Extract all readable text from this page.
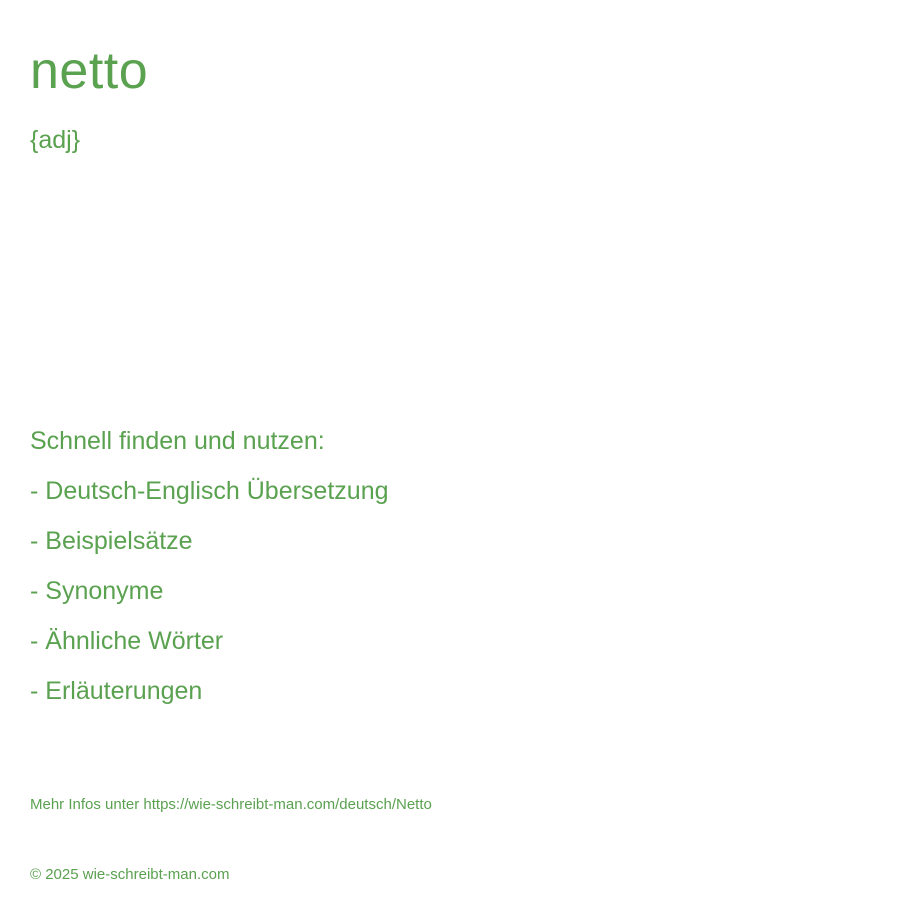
netto
{adj}
Schnell finden und nutzen:
- Deutsch-Englisch Übersetzung
- Beispielsätze
- Synonyme
- Ähnliche Wörter
- Erläuterungen
Mehr Infos unter https://wie-schreibt-man.com/deutsch/Netto
© 2025 wie-schreibt-man.com
